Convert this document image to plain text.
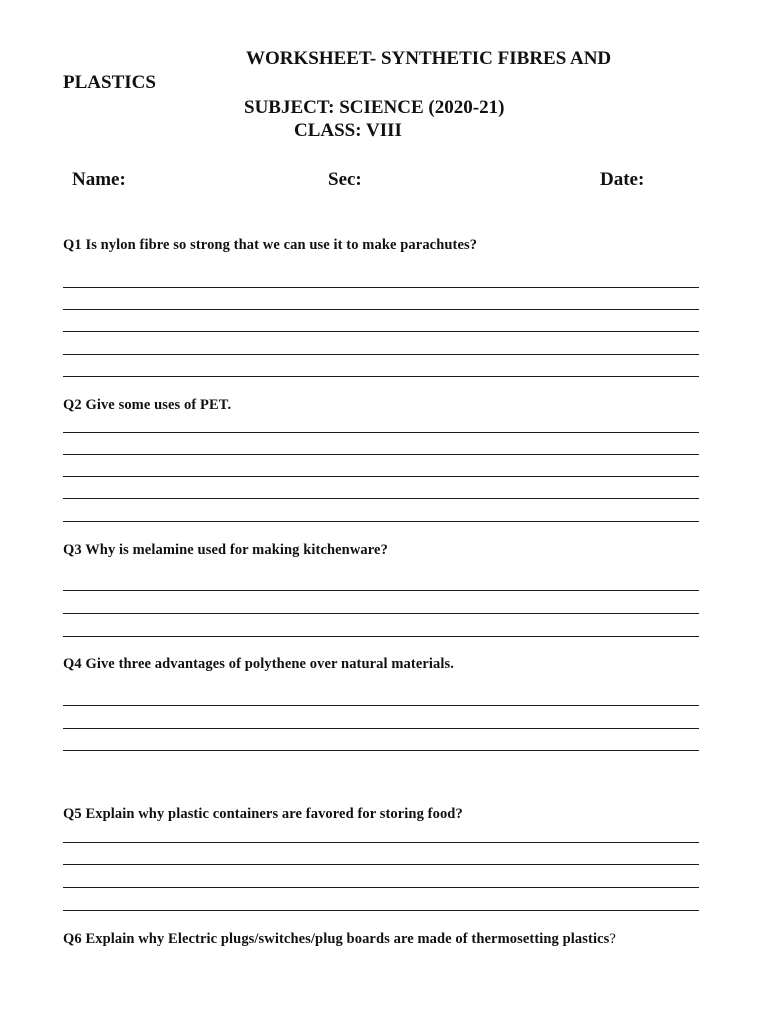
WORKSHEET- SYNTHETIC FIBRES AND
PLASTICS
SUBJECT: SCIENCE (2020-21)
CLASS: VIII
Name:	Sec:	Date:
Q1 Is nylon fibre so strong that we can use it to make parachutes?
Q2 Give some uses of PET.
Q3 Why is melamine used for making kitchenware?
Q4 Give three advantages of polythene over natural materials.
Q5 Explain why plastic containers are favored for storing food?
Q6 Explain why Electric plugs/switches/plug boards are made of thermosetting plastics?
